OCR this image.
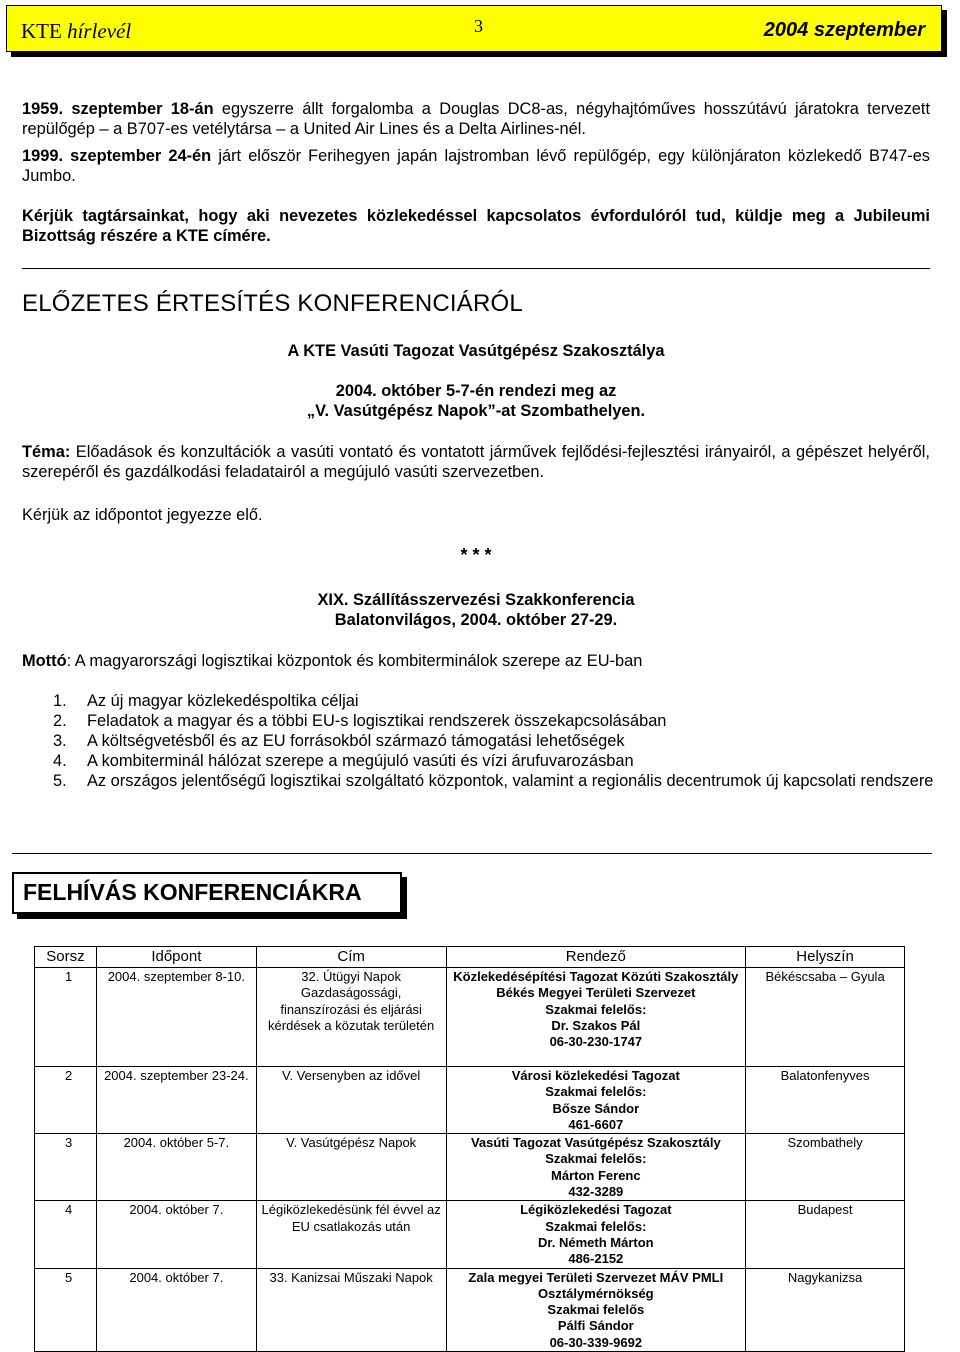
KTE hírlevél	3	2004 szeptember
1959. szeptember 18-án egyszerre állt forgalomba a Douglas DC8-as, négyhajtóműves hosszútávú járatokra tervezett repülőgép – a B707-es vetélytársa – a United Air Lines és a Delta Airlines-nél.
1999. szeptember 24-én járt először Ferihegyen japán lajstromban lévő repülőgép, egy különjáraton közlekedő B747-es Jumbo.
Kérjük tagtársainkat, hogy aki nevezetes közlekedéssel kapcsolatos évfordulóról tud, küldje meg a Jubileumi Bizottság részére a KTE címére.
ELŐZETES ÉRTESÍTÉS KONFERENCIÁRÓL
A KTE Vasúti Tagozat Vasútgépész Szakosztálya
2004. október 5-7-én rendezi meg az
„V. Vasútgépész Napok”-at Szombathelyen.
Téma: Előadások és konzultációk a vasúti vontató és vontatott járművek fejlődési-fejlesztési irányairól, a gépészet helyéről, szerepéről és gazdálkodási feladatairól a megújuló vasúti szervezetben.
Kérjük az időpontot jegyezze elő.
* * *
XIX. Szállításszervezési Szakkonferencia
Balatonvilágos, 2004. október 27-29.
Mottó: A magyarországi logisztikai központok és kombiterminálok szerepe az EU-ban
1. Az új magyar közlekedéspoltika céljai
2. Feladatok a magyar és a többi EU-s logisztikai rendszerek összekapcsolásában
3. A költségvetésből és az EU forrásokból származó támogatási lehetőségek
4. A kombiterminál hálózat szerepe a megújuló vasúti és vízi árufuvarozásban
5. Az országos jelentőségű logisztikai szolgáltató központok, valamint a regionális decentrumok új kapcsolati rendszere
FELHÍVÁS KONFERENCIÁKRA
Sorsz	Időpont	Cím	Rendező	Helyszín
1	2004. szeptember 8-10.	32. Útügyi Napok Gazdaságossági, finanszírozási és eljárási kérdések a közutak területén	Közlekedésépítési Tagozat Közúti Szakosztály
Békés Megyei Területi Szervezet
Szakmai felelős:
Dr. Szakos Pál
06-30-230-1747	Békéscsaba – Gyula
2	2004. szeptember 23-24.	V. Versenyben az idővel	Városi közlekedési Tagozat
Szakmai felelős:
Bősze Sándor
461-6607	Balatonfenyves
3	2004. október 5-7.	V. Vasútgépész Napok	Vasúti Tagozat Vasútgépész Szakosztály
Szakmai felelős:
Márton Ferenc
432-3289	Szombathely
4	2004. október 7.	Légiközlekedésünk fél évvel az EU csatlakozás után	Légiközlekedési Tagozat
Szakmai felelős:
Dr. Németh Márton
486-2152	Budapest
5	2004. október 7.	33. Kanizsai Műszaki Napok	Zala megyei Területi Szervezet MÁV PMLI Osztálymérnökség
Szakmai felelős
Pálfi Sándor
06-30-339-9692	Nagykanizsa
